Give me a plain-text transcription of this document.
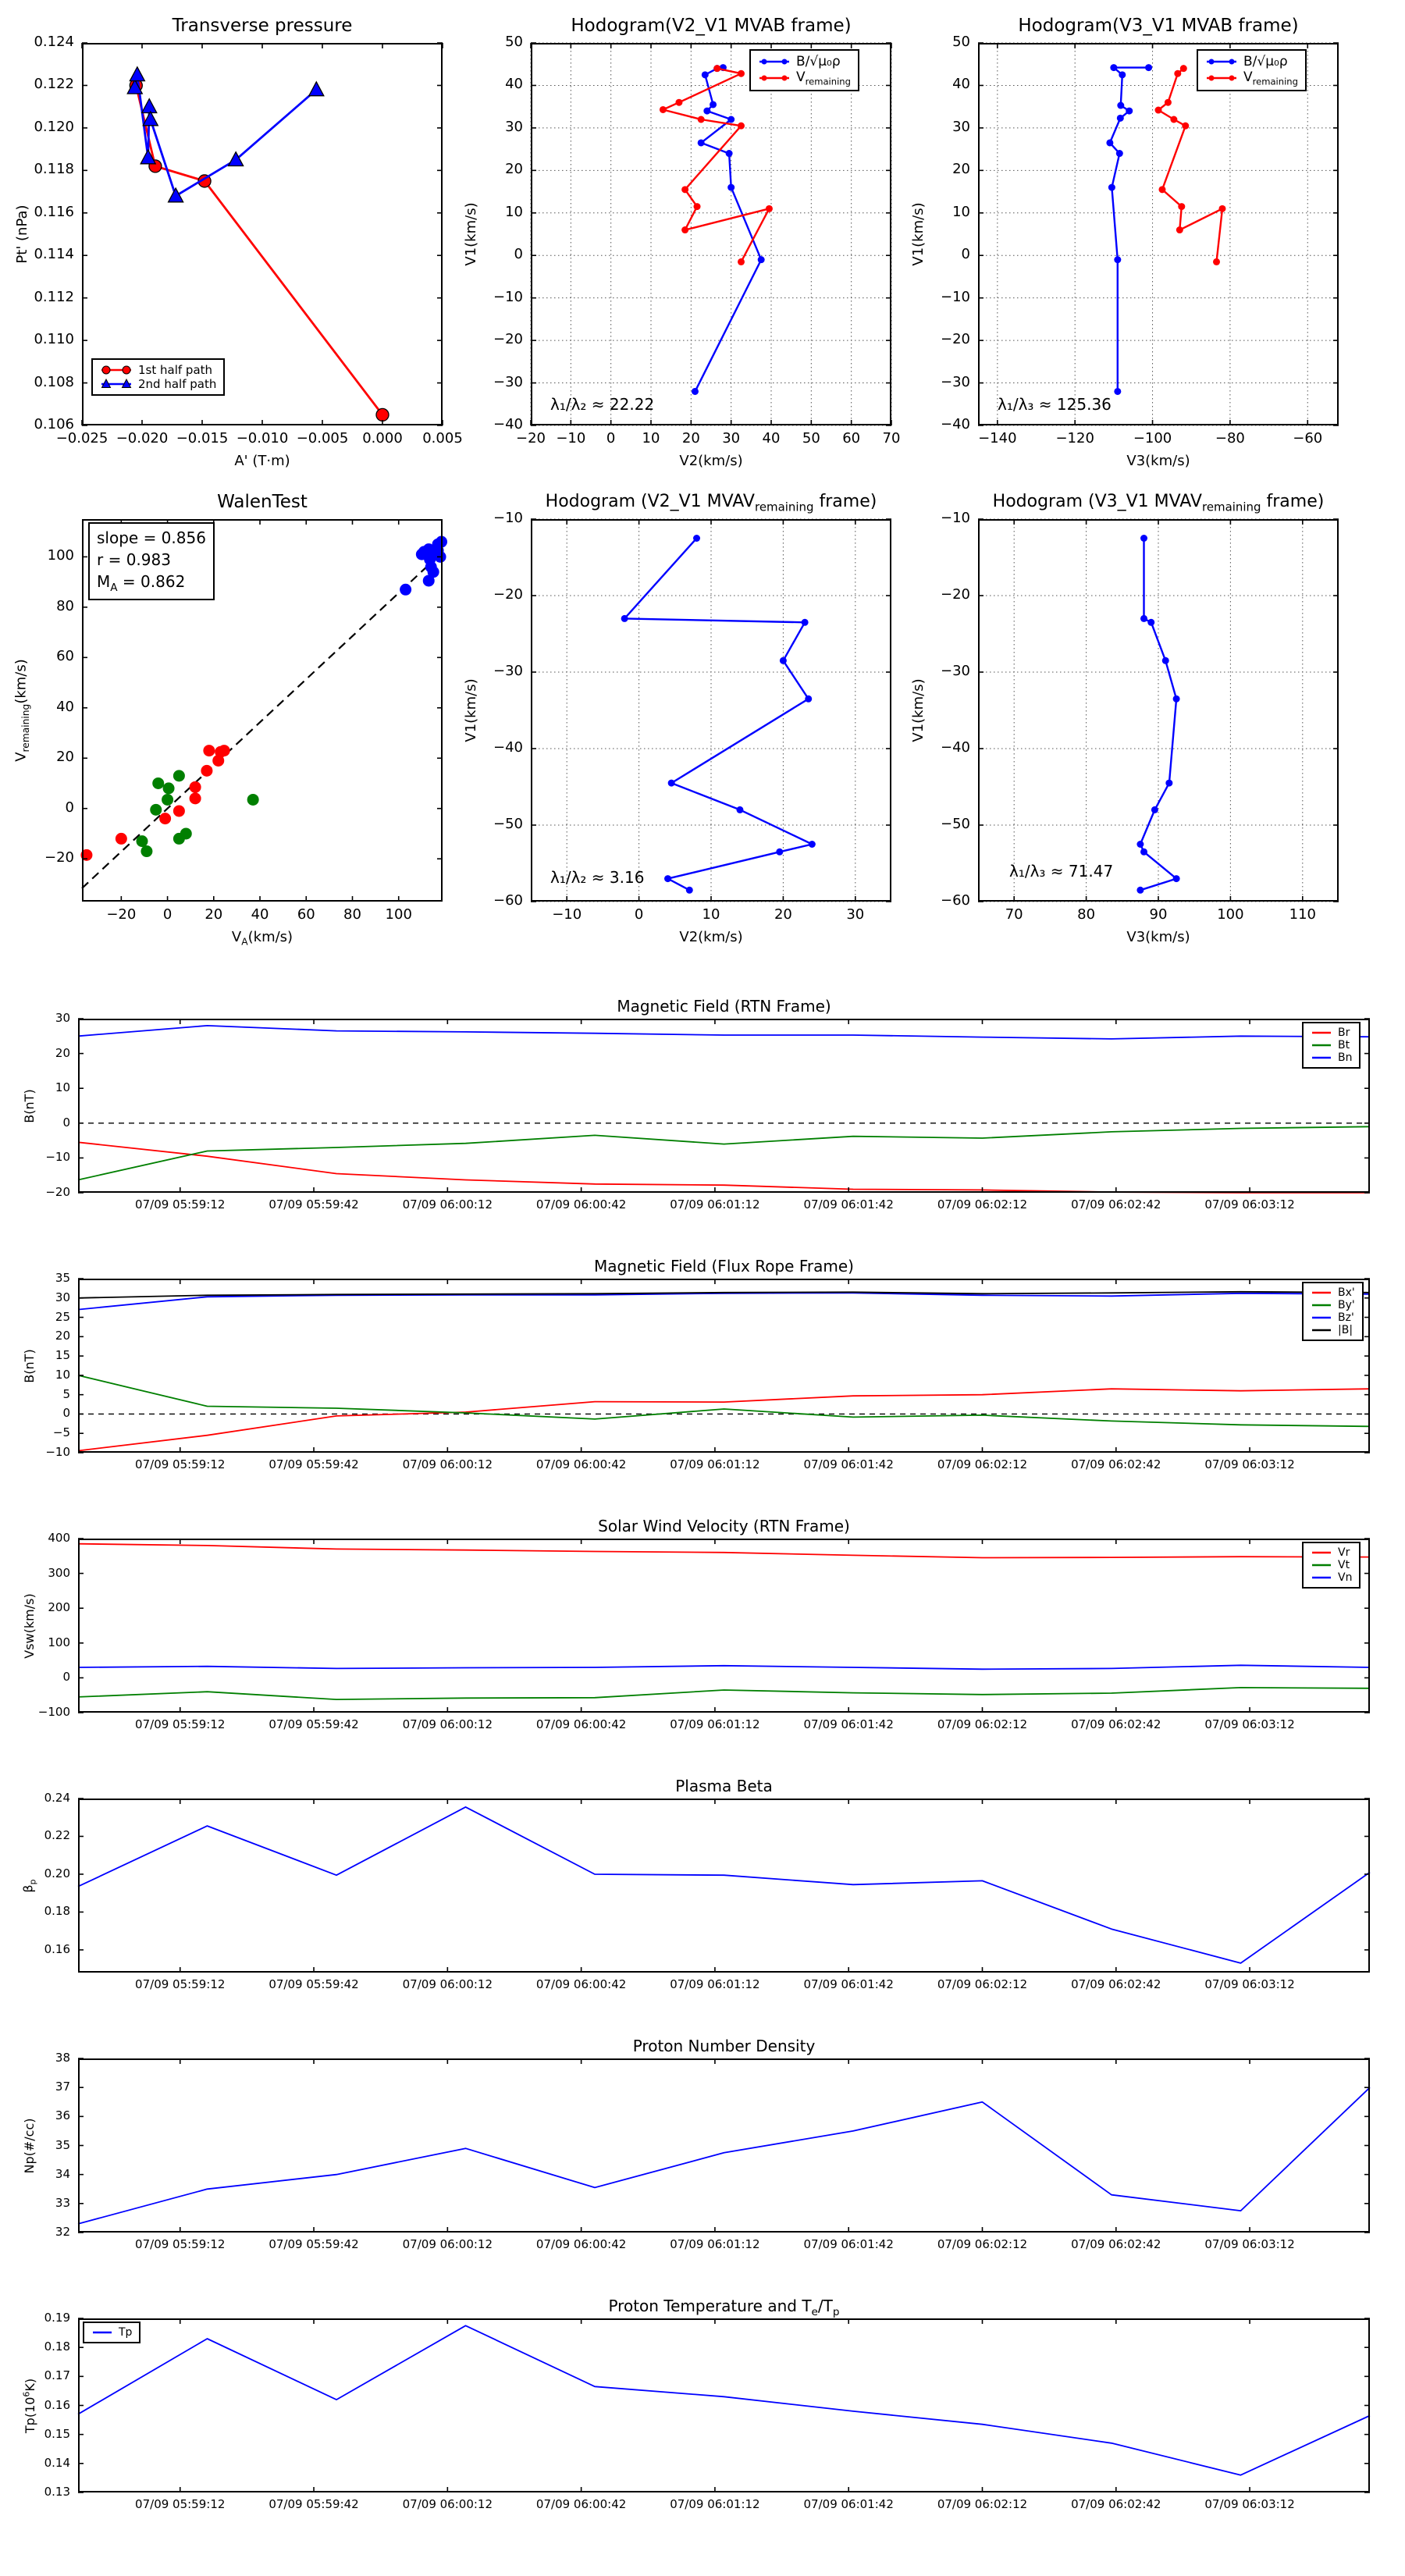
Transverse pressure
−0.025 −0.020 −0.015 −0.010 −0.005 0.000 0.005
0.106
0.108
0.110
0.112
0.114
0.116
0.118
0.120
0.122
0.124
A' (T·m)
Pt' (nPa)
1st half path
2nd half path
Hodogram(V2_V1 MVAB frame)
−20 −10 0 10 20 30 40 50 60 70
−40
−30
−20
−10
0
10
20
30
40
50
V2(km/s)
V1(km/s)
λ₁/λ₂ ≈ 22.22
B/√μ₀ρ
$V_{remaining}$
Hodogram(V3_V1 MVAB frame)
−140	−120	−100	−80	−60
−40
−30
−20
−10
0
10
20
30
40
50
V3(km/s)
V1(km/s)
λ₁/λ₃ ≈ 125.36
B/√μ₀ρ
$V_{remaining}$
WalenTest
−20 0 20 40 60 80 100
−20
0
20
40
60
80
100
$V_A(km/s)$
$V_{remaining}(km/s)$
slope = 0.856
r = 0.983
$M_A = 0.862$
Hodogram (V2_V1 $MVAV_{remaining}$ frame)
−10	0	10	20	30
−60
−50
−40
−30
−20
−10
V2(km/s)
V1(km/s)
λ₁/λ₂ ≈ 3.16
Hodogram (V3_V1 $MVAV_{remaining}$ frame)
70	80	90	100	110
−60
−50
−40
−30
−20
−10
V3(km/s)
V1(km/s)
λ₁/λ₃ ≈ 71.47
Magnetic Field (RTN Frame)
07/09 05:59:12	07/09 05:59:42	07/09 06:00:12	07/09 06:00:42	07/09 06:01:12	07/09 06:01:42	07/09 06:02:12	07/09 06:02:42	07/09 06:03:12
−20
−10
0
10
20
30
B(nT)
Br
Bt
Bn
Magnetic Field (Flux Rope Frame)
07/09 05:59:12	07/09 05:59:42	07/09 06:00:12	07/09 06:00:42	07/09 06:01:12	07/09 06:01:42	07/09 06:02:12	07/09 06:02:42	07/09 06:03:12
−10
−5
0
5
10
15
20
25
30
35
B(nT)
Bx'
By'
Bz'
|B|
Solar Wind Velocity (RTN Frame)
07/09 05:59:12	07/09 05:59:42	07/09 06:00:12	07/09 06:00:42	07/09 06:01:12	07/09 06:01:42	07/09 06:02:12	07/09 06:02:42	07/09 06:03:12
−100
0
100
200
300
400
Vsw(km/s)
Vr
Vt
Vn
Plasma Beta
07/09 05:59:12	07/09 05:59:42	07/09 06:00:12	07/09 06:00:42	07/09 06:01:12	07/09 06:01:42	07/09 06:02:12	07/09 06:02:42	07/09 06:03:12
0.16
0.18
0.20
0.22
0.24
$\beta_p$
Proton Number Density
07/09 05:59:12	07/09 05:59:42	07/09 06:00:12	07/09 06:00:42	07/09 06:01:12	07/09 06:01:42	07/09 06:02:12	07/09 06:02:42	07/09 06:03:12
32
33
34
35
36
37
38
Np(#/cc)
Proton Temperature and $T_e/T_p$
07/09 05:59:12	07/09 05:59:42	07/09 06:00:12	07/09 06:00:42	07/09 06:01:12	07/09 06:01:42	07/09 06:02:12	07/09 06:02:42	07/09 06:03:12
0.13
0.14
0.15
0.16
0.17
0.18
0.19
$Tp(10^6K)$
Tp
